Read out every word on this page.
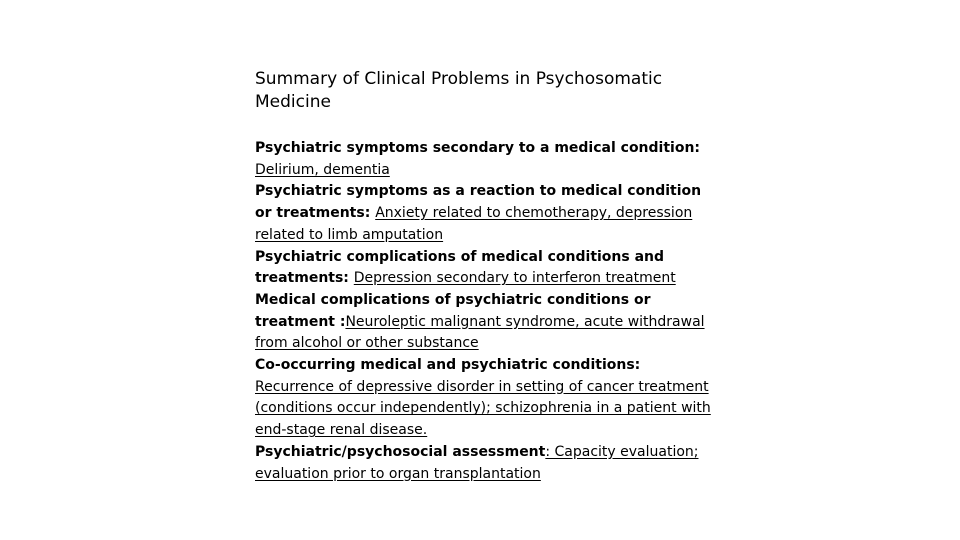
Summary of Clinical Problems in Psychosomatic Medicine

Psychiatric symptoms secondary to a medical condition: Delirium, dementia

Psychiatric symptoms as a reaction to medical condition or treatments: Anxiety related to chemotherapy, depression related to limb amputation

Psychiatric complications of medical conditions and treatments: Depression secondary to interferon treatment

Medical complications of psychiatric conditions or treatment :Neuroleptic malignant syndrome, acute withdrawal from alcohol or other substance

Co-occurring medical and psychiatric conditions: Recurrence of depressive disorder in setting of cancer treatment (conditions occur independently); schizophrenia in a patient with end-stage renal disease.

Psychiatric/psychosocial assessment: Capacity evaluation; evaluation prior to organ transplantation
